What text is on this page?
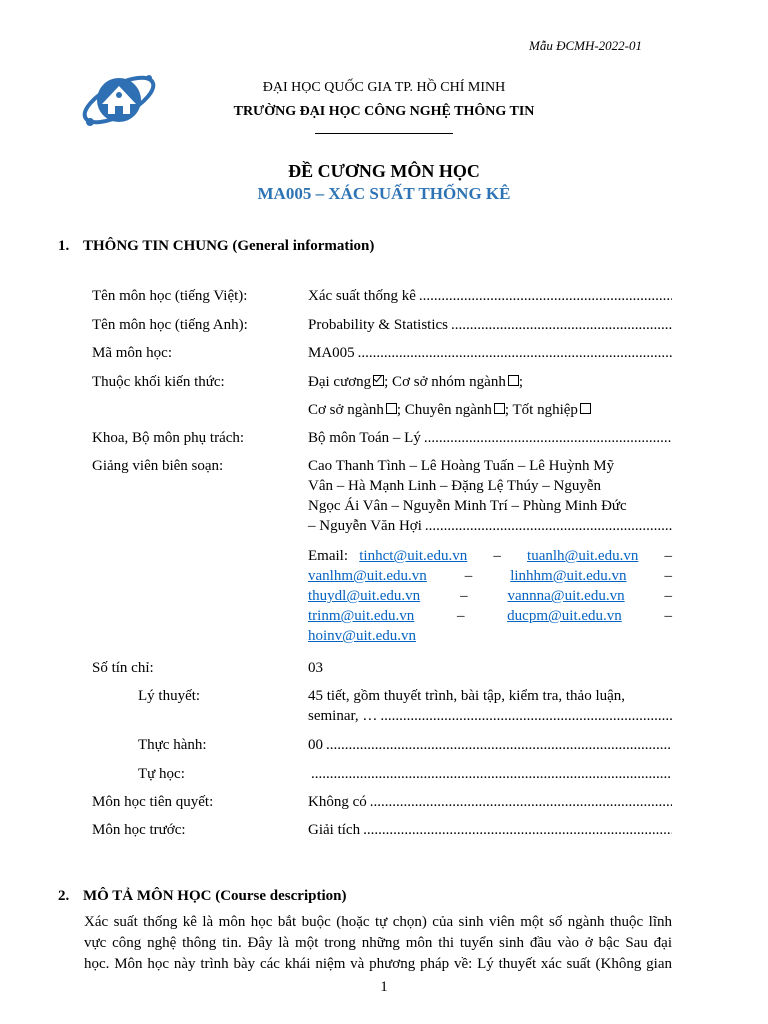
Mẫu ĐCMH-2022-01
ĐẠI HỌC QUỐC GIA TP. HỒ CHÍ MINH
TRƯỜNG ĐẠI HỌC CÔNG NGHỆ THÔNG TIN
ĐỀ CƯƠNG MÔN HỌC
MA005 – XÁC SUẤT THỐNG KÊ
1. THÔNG TIN CHUNG (General information)
Tên môn học (tiếng Việt):	Xác suất thống kê
.....
Tên môn học (tiếng Anh):	Probability & Statistics
.....
Mã môn học:	MA005
.....
Thuộc khối kiến thức:	Đại cương ; Cơ sở nhóm ngành ;
Cơ sở ngành ; Chuyên ngành ; Tốt nghiệp
Khoa, Bộ môn phụ trách:	Bộ môn Toán – Lý
.....
Giảng viên biên soạn:	Cao Thanh Tình – Lê Hoàng Tuấn – Lê Huỳnh Mỹ
Vân – Hà Mạnh Linh – Đặng Lệ Thúy – Nguyễn
Ngọc Ái Vân – Nguyễn Minh Trí – Phùng Minh Đức
– Nguyễn Văn Hợi
.....
Email: tinhct@uit.edu.vn – tuanlh@uit.edu.vn –
vanlhm@uit.edu.vn	–	linhhm@uit.edu.vn	–
thuydl@uit.edu.vn	–	vannna@uit.edu.vn	–
trinm@uit.edu.vn	–	ducpm@uit.edu.vn	–
hoinv@uit.edu.vn
Số tín chỉ:	03
Lý thuyết:	45 tiết, gồm thuyết trình, bài tập, kiểm tra, thảo luận,
seminar, …
.....
Thực hành:	00
.....
Tự học:
.....
Môn học tiên quyết:	Không có
.....
Môn học trước:	Giải tích
.....
2. MÔ TẢ MÔN HỌC (Course description)
Xác suất thống kê là môn học bắt buộc (hoặc tự chọn) của sinh viên một số ngành thuộc lĩnh
vực công nghệ thông tin. Đây là một trong những môn thi tuyển sinh đầu vào ở bậc Sau đại
học. Môn học này trình bày các khái niệm và phương pháp về: Lý thuyết xác suất (Không gian
1
